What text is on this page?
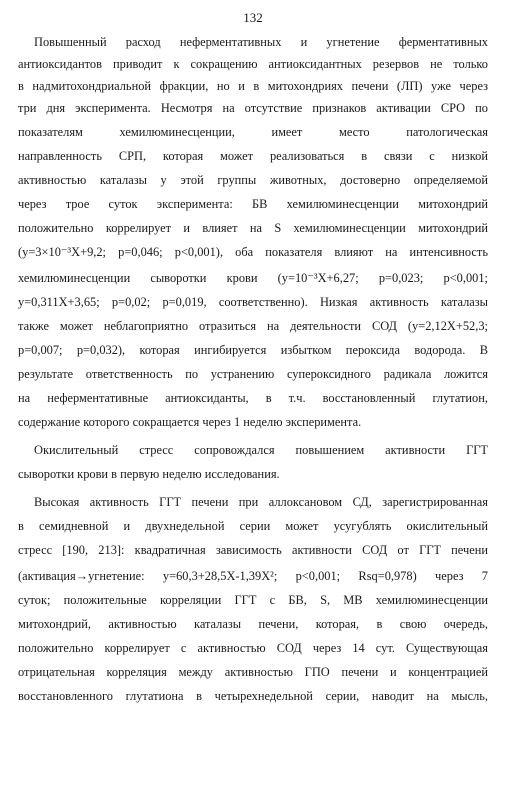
132
Повышенный расход неферментативных и угнетение ферментативных
антиоксидантов приводит к сокращению антиоксидантных резервов не только
в надмитохондриальной фракции, но и в митохондриях печени (ЛП) уже через
три дня эксперимента. Несмотря на отсутствие признаков активации СРО по
показателям хемилюминесценции, имеет место патологическая
направленность СРП, которая может реализоваться в связи с низкой
активностью каталазы у этой группы животных, достоверно определяемой
через трое суток эксперимента: БВ хемилюминесценции митохондрий
положительно коррелирует и влияет на S хемилюминесценции митохондрий
(y=3×10⁻³X+9,2; p=0,046; p<0,001), оба показателя влияют на интенсивность
хемилюминесценции сыворотки крови (y=10⁻³X+6,27; p=0,023; p<0,001;
y=0,311X+3,65; p=0,02; p=0,019, соответственно). Низкая активность каталазы
также может неблагоприятно отразиться на деятельности СОД (y=2,12X+52,3;
p=0,007; p=0,032), которая ингибируется избытком пероксида водорода. В
результате ответственность по устранению супероксидного радикала ложится
на неферментативные антиоксиданты, в т.ч. восстановленный глутатион,
содержание которого сокращается через 1 неделю эксперимента.
Окислительный стресс сопровождался повышением активности ГГТ
сыворотки крови в первую неделю исследования.
Высокая активность ГГТ печени при аллоксановом СД, зарегистрированная
в семидневной и двухнедельной серии может усугублять окислительный
стресс [190, 213]: квадратичная зависимость активности СОД от ГГТ печени
(активация→угнетение: y=60,3+28,5X-1,39X²; p<0,001; Rsq=0,978) через 7
суток; положительные корреляции ГГТ с БВ, S, МВ хемилюминесценции
митохондрий, активностью каталазы печени, которая, в свою очередь,
положительно коррелирует с активностью СОД через 14 сут. Существующая
отрицательная корреляция между активностью ГПО печени и концентрацией
восстановленного глутатиона в четырехнедельной серии, наводит на мысль,
